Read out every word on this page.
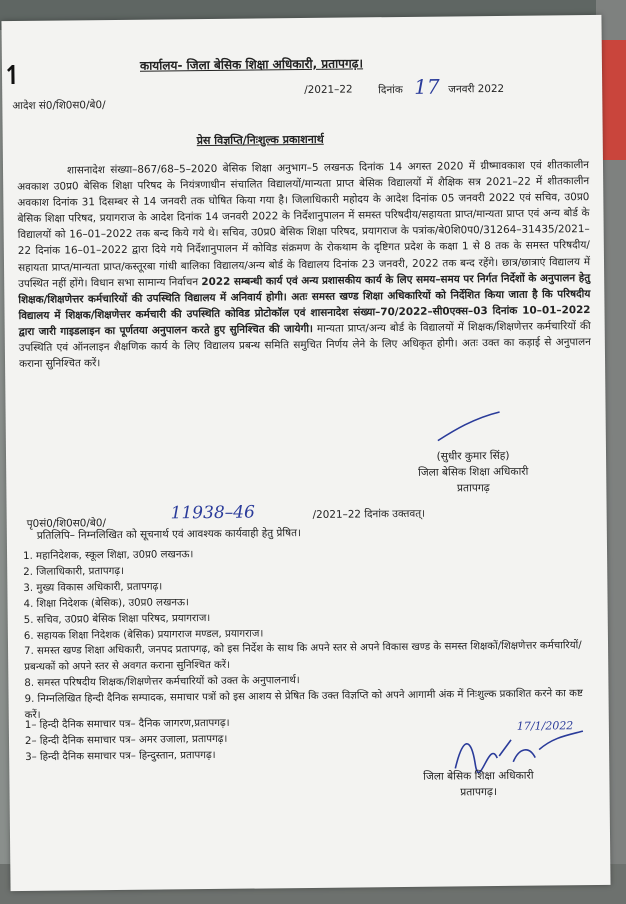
↿	कार्यालय- जिला बेसिक शिक्षा अधिकारी, प्रतापगढ़।
आदेश सं0/शि0स0/बे0/
/2021–22 दिनांक 17 जनवरी 2022
प्रेस विज्ञप्ति/निःशुल्क प्रकाशनार्थ
शासनादेश संख्या–867/68–5–2020 बेसिक शिक्षा अनुभाग–5 लखनऊ दिनांक 14 अगस्त 2020 में ग्रीष्मावकाश एवं शीतकालीन अवकाश उ0प्र0 बेसिक शिक्षा परिषद के नियंत्रणाधीन संचालित विद्यालयों/मान्यता प्राप्त बेसिक विद्यालयों में शैक्षिक सत्र 2021–22 में शीतकालीन अवकाश दिनांक 31 दिसम्बर से 14 जनवरी तक घोषित किया गया है। जिलाधिकारी महोदय के आदेश दिनांक 05 जनवरी 2022 एवं सचिव, उ0प्र0 बेसिक शिक्षा परिषद, प्रयागराज के आदेश दिनांक 14 जनवरी 2022 के निर्देशानुपालन में समस्त परिषदीय/सहायता प्राप्त/मान्यता प्राप्त एवं अन्य बोर्ड के विद्यालयों को 16–01–2022 तक बन्द किये गये थे। सचिव, उ0प्र0 बेसिक शिक्षा परिषद, प्रयागराज के पत्रांक/बे0शि0प0/31264–31435/2021–22 दिनांक 16–01–2022 द्वारा दिये गये निर्देशानुपालन में कोविड संक्रमण के रोकथाम के दृष्टिगत प्रदेश के कक्षा 1 से 8 तक के समस्त परिषदीय/सहायता प्राप्त/मान्यता प्राप्त/कस्तूरबा गांधी बालिका विद्यालय/अन्य बोर्ड के विद्यालय दिनांक 23 जनवरी, 2022 तक बन्द रहेंगे। छात्र/छात्राएं विद्यालय में उपस्थित नहीं होंगे। विधान सभा सामान्य निर्वाचन 2022 सम्बन्धी कार्य एवं अन्य प्रशासकीय कार्य के लिए समय–समय पर निर्गत निर्देशों के अनुपालन हेतु शिक्षक/शिक्षणेत्तर कर्मचारियों की उपस्थिति विद्यालय में अनिवार्य होगी। अतः समस्त खण्ड शिक्षा अधिकारियों को निर्देशित किया जाता है कि परिषदीय विद्यालय में शिक्षक/शिक्षणेत्तर कर्मचारी की उपस्थिति कोविड प्रोटोकॉल एवं शासनादेश संख्या–70/2022–सी0एक्स–03 दिनांक 10–01–2022 द्वारा जारी गाइडलाइन का पूर्णतया अनुपालन करते हुए सुनिश्चित की जायेगी। मान्यता प्राप्त/अन्य बोर्ड के विद्यालयों में शिक्षक/शिक्षणेत्तर कर्मचारियों की उपस्थिति एवं ऑनलाइन शैक्षणिक कार्य के लिए विद्यालय प्रबन्ध समिति समुचित निर्णय लेने के लिए अधिकृत होगी। अतः उक्त का कड़ाई से अनुपालन कराना सुनिश्चित करें।
(सुधीर कुमार सिंह)
जिला बेसिक शिक्षा अधिकारी
प्रतापगढ़
पृ0सं0/शि0स0/बे0/
11938–46	/2021–22 दिनांक उक्तवत्।
प्रतिलिपि– निम्नलिखित को सूचनार्थ एवं आवश्यक कार्यवाही हेतु प्रेषित।
1. महानिदेशक, स्कूल शिक्षा, उ0प्र0 लखनऊ।
2. जिलाधिकारी, प्रतापगढ़।
3. मुख्य विकास अधिकारी, प्रतापगढ़।
4. शिक्षा निदेशक (बेसिक), उ0प्र0 लखनऊ।
5. सचिव, उ0प्र0 बेसिक शिक्षा परिषद, प्रयागराज।
6. सहायक शिक्षा निदेशक (बेसिक) प्रयागराज मण्डल, प्रयागराज।
7. समस्त खण्ड शिक्षा अधिकारी, जनपद प्रतापगढ़, को इस निर्देश के साथ कि अपने स्तर से अपने विकास खण्ड के समस्त शिक्षकों/शिक्षणेत्तर कर्मचारियों/प्रबन्धकों को अपने स्तर से अवगत कराना सुनिश्चित करें।
8. समस्त परिषदीय शिक्षक/शिक्षणेत्तर कर्मचारियों को उक्त के अनुपालनार्थ।
9. निम्नलिखित हिन्दी दैनिक सम्पादक, समाचार पत्रों को इस आशय से प्रेषित कि उक्त विज्ञप्ति को अपने आगामी अंक में निःशुल्क प्रकाशित करने का कष्ट करें।
1– हिन्दी दैनिक समाचार पत्र– दैनिक जागरण,प्रतापगढ़।
2– हिन्दी दैनिक समाचार पत्र– अमर उजाला, प्रतापगढ़।
3– हिन्दी दैनिक समाचार पत्र– हिन्दुस्तान, प्रतापगढ़।
17/1/2022
जिला बेसिक शिक्षा अधिकारी
प्रतापगढ़।
